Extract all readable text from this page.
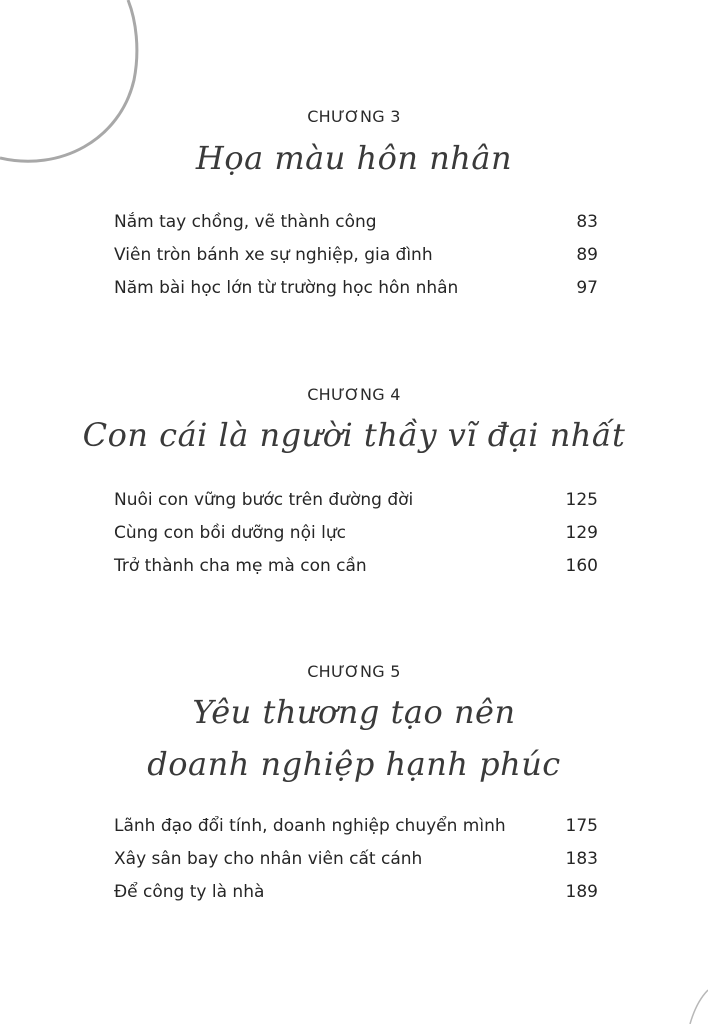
CHƯƠNG 3
Họa màu hôn nhân
Nắm tay chồng, vẽ thành công	83
Viên tròn bánh xe sự nghiệp, gia đình	89
Năm bài học lớn từ trường học hôn nhân	97
CHƯƠNG 4
Con cái là người thầy vĩ đại nhất
Nuôi con vững bước trên đường đời	125
Cùng con bồi dưỡng nội lực	129
Trở thành cha mẹ mà con cần	160
CHƯƠNG 5
Yêu thương tạo nên
doanh nghiệp hạnh phúc
Lãnh đạo đổi tính, doanh nghiệp chuyển mình	175
Xây sân bay cho nhân viên cất cánh	183
Để công ty là nhà	189
